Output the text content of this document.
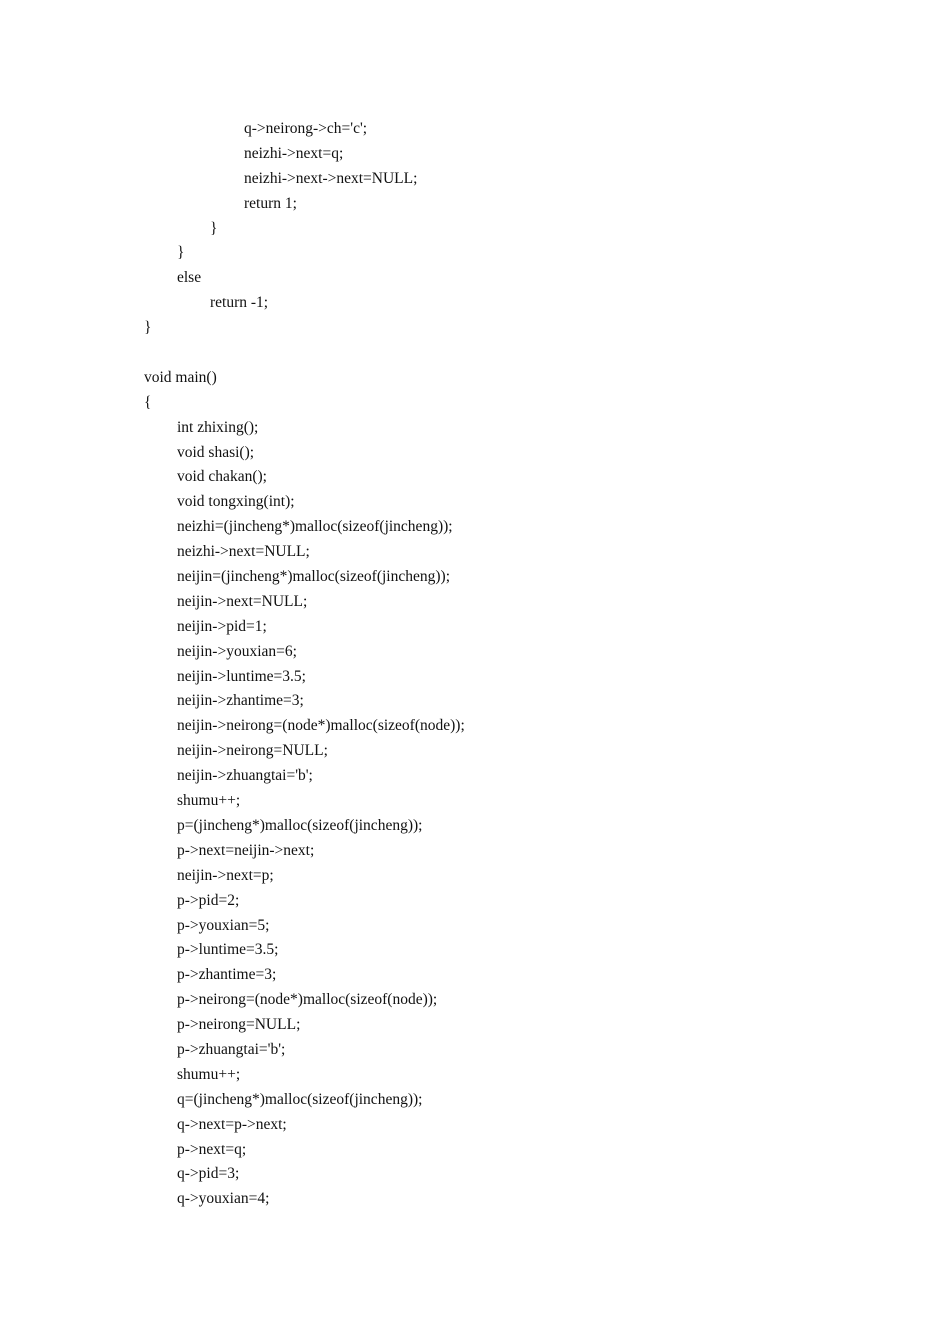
q->neirong->ch='c';
neizhi->next=q;
neizhi->next->next=NULL;
return 1;
}
}
else
return -1;
}
void main()
{
int zhixing();
void shasi();
void chakan();
void tongxing(int);
neizhi=(jincheng*)malloc(sizeof(jincheng));
neizhi->next=NULL;
neijin=(jincheng*)malloc(sizeof(jincheng));
neijin->next=NULL;
neijin->pid=1;
neijin->youxian=6;
neijin->luntime=3.5;
neijin->zhantime=3;
neijin->neirong=(node*)malloc(sizeof(node));
neijin->neirong=NULL;
neijin->zhuangtai='b';
shumu++;
p=(jincheng*)malloc(sizeof(jincheng));
p->next=neijin->next;
neijin->next=p;
p->pid=2;
p->youxian=5;
p->luntime=3.5;
p->zhantime=3;
p->neirong=(node*)malloc(sizeof(node));
p->neirong=NULL;
p->zhuangtai='b';
shumu++;
q=(jincheng*)malloc(sizeof(jincheng));
q->next=p->next;
p->next=q;
q->pid=3;
q->youxian=4;
